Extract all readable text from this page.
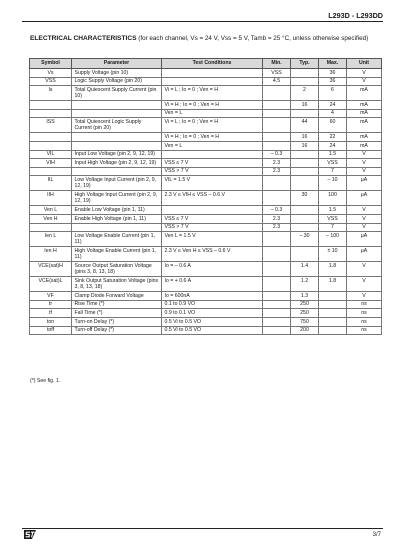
L293D - L293DD
ELECTRICAL CHARACTERISTICS (for each channel, Vs = 24 V, Vss = 5 V, Tamb = 25 °C, unless otherwise specified)
Symbol	Parameter	Test Conditions	Min.	Typ.	Max.	Unit
Vs	Supply Voltage (pin 10)		VSS		36	V
VSS	Logic Supply Voltage (pin 20)		4.5		36	V
Is	Total Quiescent Supply Current (pin 10)	Vi = L ; Io = 0 ; Ven = H		2	6	mA
		Vi = H ; Io = 0 ; Ven = H		16	24	mA
		Ven = L			4	mA
ISS	Total Quiescent Logic Supply Current (pin 20)	Vi = L ; Io = 0 ; Ven = H		44	60	mA
		Vi = H ; Io = 0 ; Ven = H		16	22	mA
		Ven = L		16	24	mA
VIL	Input Low Voltage (pin 2, 9, 12, 19)		– 0.3		1.5	V
VIH	Input High Voltage (pin 2, 9, 12, 19)	VSS ≤ 7 V	2.3		VSS	V
		VSS > 7 V	2.3		7	V
IIL	Low Voltage Input Current (pin 2, 9, 12, 19)	VIL = 1.5 V			– 10	μA
IIH	High Voltage Input Current (pin 2, 9, 12, 19)	2.3 V ≤ VIH ≤ VSS – 0.6 V		30	100	μA
Ven L	Enable Low Voltage (pin 1, 11)		– 0.3		1.5	V
Ven H	Enable High Voltage (pin 1, 11)	VSS ≤ 7 V	2.3		VSS	V
		VSS > 7 V	2.3		7	V
Ien L	Low Voltage Enable Current (pin 1, 11)	Ven L = 1.5 V		– 30	– 100	μA
Ien H	High Voltage Enable Current (pin 1, 11)	2.3 V ≤ Ven H ≤ VSS – 0.6 V			± 10	μA
VCE(sat)H	Source Output Saturation Voltage (pins 3, 8, 13, 18)	Io = – 0.6 A		1.4	1.8	V
VCE(sat)L	Sink Output Saturation Voltage (pins 3, 8, 13, 18)	Io = + 0.6 A		1.2	1.8	V
VF	Clamp Diode Forward Voltage	Io = 600nA		1.3		V
tr	Rise Time (*)	0.1 to 0.9 VO		250		ns
tf	Fall Time (*)	0.9 to 0.1 VO		250		ns
ton	Turn-on Delay (*)	0.5 Vi to 0.5 VO		750		ns
toff	Turn-off Delay (*)	0.5 Vi to 0.5 VO		200		ns
(*) See fig. 1.
3/7
